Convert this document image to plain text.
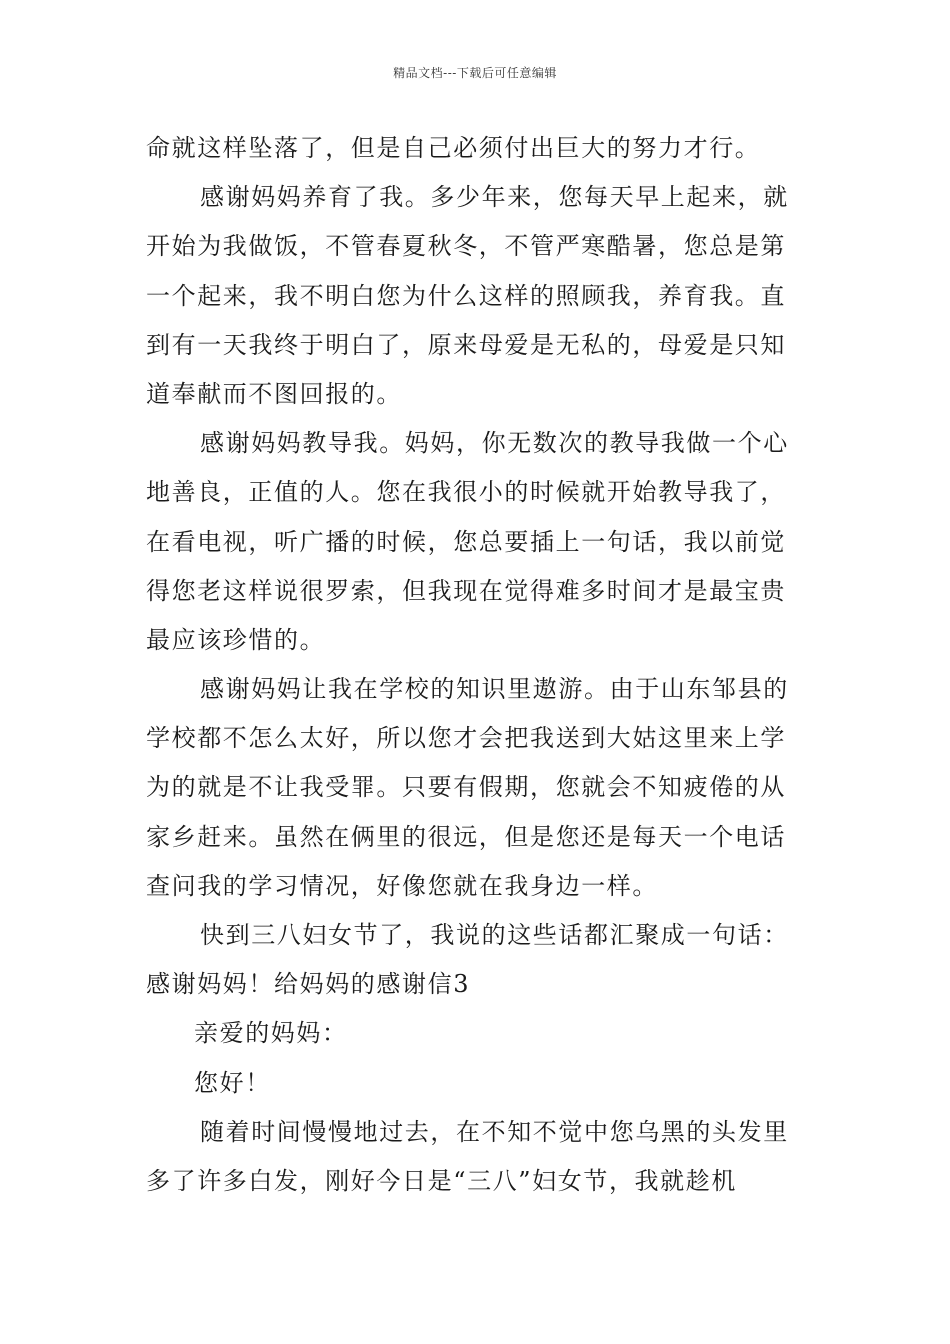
精品文档---下载后可任意编辑
命就这样坠落了，但是自己必须付出巨大的努力才行。
感谢妈妈养育了我。多少年来，您每天早上起来，就
开始为我做饭，不管春夏秋冬，不管严寒酷暑，您总是第
一个起来，我不明白您为什么这样的照顾我，养育我。直
到有一天我终于明白了，原来母爱是无私的，母爱是只知
道奉献而不图回报的。
感谢妈妈教导我。妈妈，你无数次的教导我做一个心
地善良，正值的人。您在我很小的时候就开始教导我了，
在看电视，听广播的时候，您总要插上一句话，我以前觉
得您老这样说很罗索，但我现在觉得难多时间才是最宝贵
最应该珍惜的。
感谢妈妈让我在学校的知识里遨游。由于山东邹县的
学校都不怎么太好，所以您才会把我送到大姑这里来上学
为的就是不让我受罪。只要有假期，您就会不知疲倦的从
家乡赶来。虽然在俩里的很远，但是您还是每天一个电话
查问我的学习情况，好像您就在我身边一样。
快到三八妇女节了，我说的这些话都汇聚成一句话：
感谢妈妈！给妈妈的感谢信3
亲爱的妈妈：
您好！
随着时间慢慢地过去，在不知不觉中您乌黑的头发里
多了许多白发，刚好今日是“三八”妇女节，我就趁机
